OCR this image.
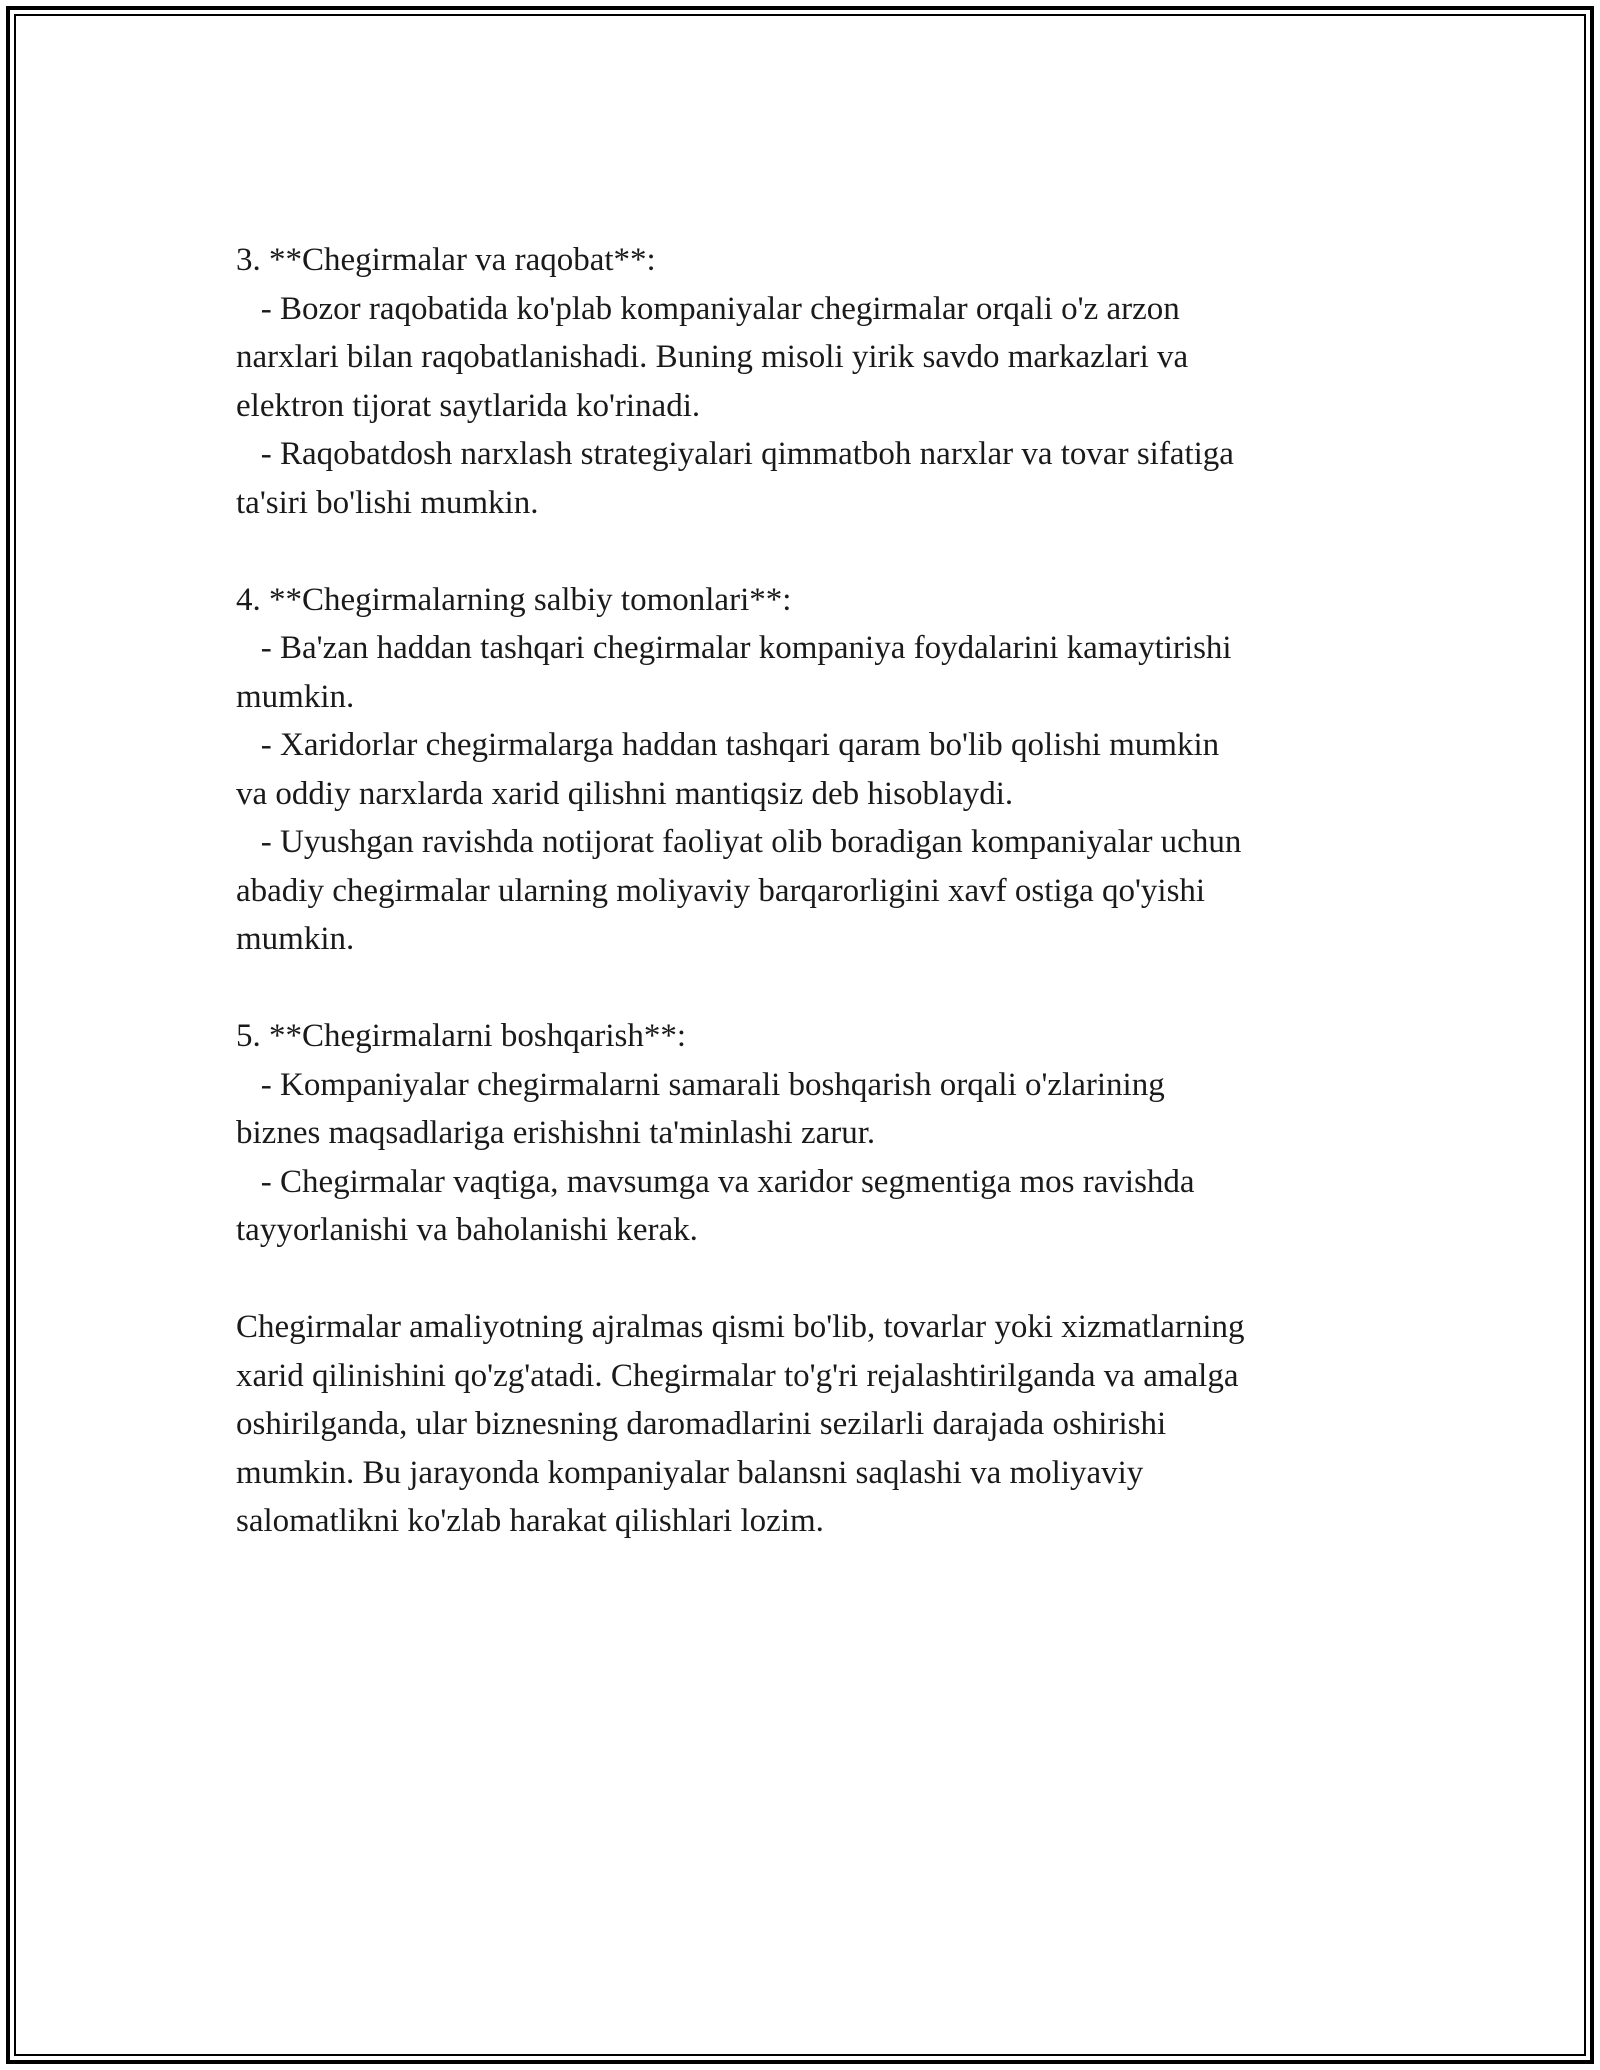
3. **Chegirmalar va raqobat**:
- Bozor raqobatida ko'plab kompaniyalar chegirmalar orqali o'z arzon
narxlari bilan raqobatlanishadi. Buning misoli yirik savdo markazlari va
elektron tijorat saytlarida ko'rinadi.
- Raqobatdosh narxlash strategiyalari qimmatboh narxlar va tovar sifatiga
ta'siri bo'lishi mumkin.
4. **Chegirmalarning salbiy tomonlari**:
- Ba'zan haddan tashqari chegirmalar kompaniya foydalarini kamaytirishi
mumkin.
- Xaridorlar chegirmalarga haddan tashqari qaram bo'lib qolishi mumkin
va oddiy narxlarda xarid qilishni mantiqsiz deb hisoblaydi.
- Uyushgan ravishda notijorat faoliyat olib boradigan kompaniyalar uchun
abadiy chegirmalar ularning moliyaviy barqarorligini xavf ostiga qo'yishi
mumkin.
5. **Chegirmalarni boshqarish**:
- Kompaniyalar chegirmalarni samarali boshqarish orqali o'zlarining
biznes maqsadlariga erishishni ta'minlashi zarur.
- Chegirmalar vaqtiga, mavsumga va xaridor segmentiga mos ravishda
tayyorlanishi va baholanishi kerak.
Chegirmalar amaliyotning ajralmas qismi bo'lib, tovarlar yoki xizmatlarning
xarid qilinishini qo'zg'atadi. Chegirmalar to'g'ri rejalashtirilganda va amalga
oshirilganda, ular biznesning daromadlarini sezilarli darajada oshirishi
mumkin. Bu jarayonda kompaniyalar balansni saqlashi va moliyaviy
salomatlikni ko'zlab harakat qilishlari lozim.
